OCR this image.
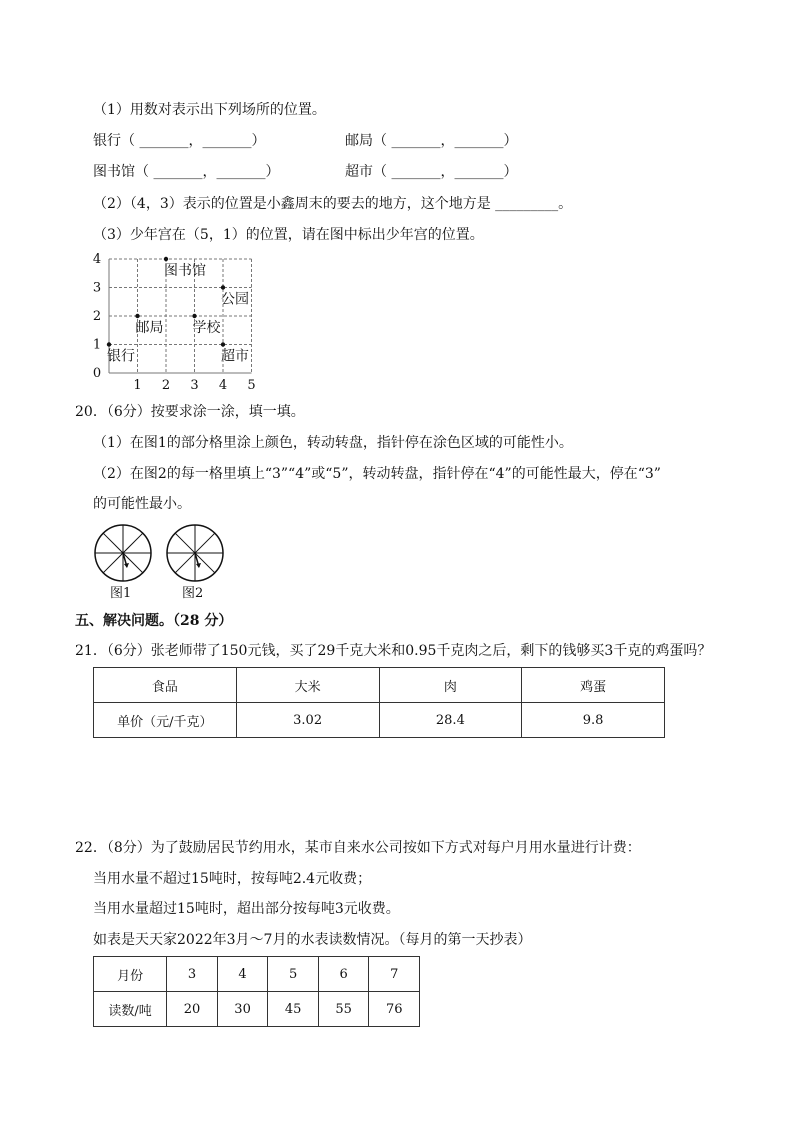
（1）用数对表示出下列场所的位置。
银行（ _______，_______）	邮局（ _______，_______）
图书馆（ _______，_______）	超市（ _______，_______）
（2）（4，3）表示的位置是小鑫周末的要去的地方，这个地方是 _________。
（3）少年宫在（5，1）的位置，请在图中标出少年宫的位置。
1 2 3 4 5
0
1
2
3
4
图书馆
公园
邮局 学校
银行	超市
20．（6分）按要求涂一涂，填一填。
（1）在图1的部分格里涂上颜色，转动转盘，指针停在涂色区域的可能性小。
（2）在图2的每一格里填上“3”“4”或“5”，转动转盘，指针停在“4”的可能性最大，停在“3”
的可能性最小。
图1	图2
五、解决问题。（28 分）
21．（6分）张老师带了150元钱，买了29千克大米和0.95千克肉之后，剩下的钱够买3千克的鸡蛋吗？
食品	大米	肉	鸡蛋
单价（元/千克）	3.02	28.4	9.8
22．（8分）为了鼓励居民节约用水，某市自来水公司按如下方式对每户月用水量进行计费：
当用水量不超过15吨时，按每吨2.4元收费；
当用水量超过15吨时，超出部分按每吨3元收费。
如表是天天家2022年3月～7月的水表读数情况。（每月的第一天抄表）
月份	3	4	5	6	7
读数/吨	20	30	45	55	76
